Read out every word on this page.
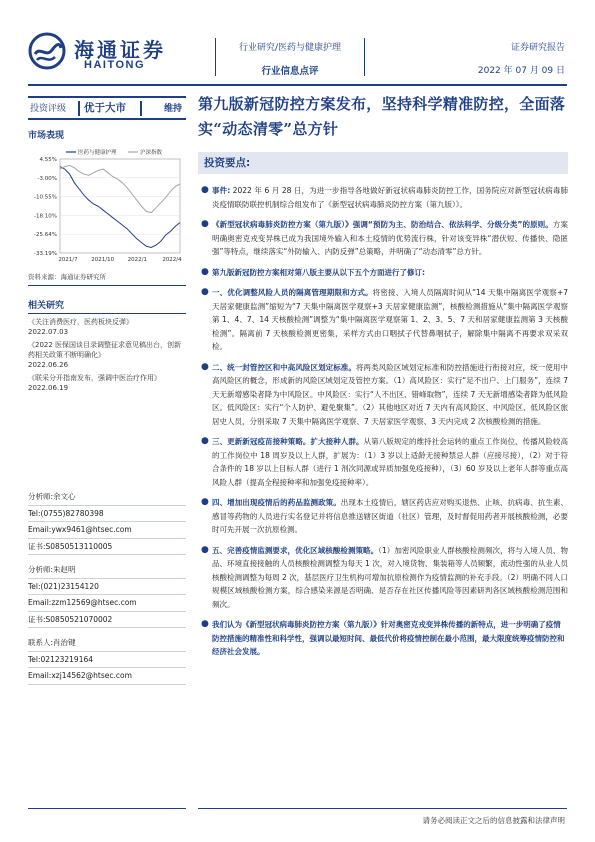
海通证券
HAITONG
行业研究/医药与健康护理
行业信息点评
证券研究报告
2022 年 07 月 09 日
投资评级 优于大市	维持
市场表现
4.55%
-3.00%
-10.55%
-18.10%
-25.64%
-33.19%
2021/7 2021/10 2022/1	2022/4
医药与健康护理	沪深指数
资料来源：海通证券研究所
相关研究
《关注消费医疗，医药板块反弹》
2022.07.03
《2022 医保国谈目录调整征求意见稿出台，创新药相关政策不断明确化》
2022.06.26
《联采分开指南发布，强调中医治疗作用》
2022.06.19
分析师:余文心
Tel:(0755)82780398
Email:ywx9461@htsec.com
证书:S0850513110005
分析师:朱赵明
Tel:(021)23154120
Email:zzm12569@htsec.com
证书:S0850521070002
联系人:肖治键
Tel:02123219164
Email:xzj14562@htsec.com
第九版新冠防控方案发布，坚持科学精准防控，全面落实“动态清零”总方针
投资要点:
● 事件: 2022 年 6 月 28 日，为进一步指导各地做好新冠状病毒肺炎防控工作，国务院应对新型冠状病毒肺炎疫情联防联控机制综合组发布了《新型冠状病毒肺炎防控方案（第九版）》。
● 《新型冠状病毒肺炎防控方案（第九版）》强调“预防为主、防治结合、依法科学、分级分类”的原则。方案明确奥密克戎变异株已成为我国境外输入和本土疫情的优势流行株，针对该变异株“潜伏短、传播快、隐匿强”等特点，继续落实“外防输入、内防反弹”总策略，并明确了“动态清零”总方针。
● 第九版新冠防控方案相对第八版主要从以下五个方面进行了修订:
● 一、优化调整风险人员的隔离管理期限和方式。将密接、入境人员隔离时间从“14 天集中隔离医学观察+7 天居家健康监测”缩短为“7 天集中隔离医学观察+3 天居家健康监测”，核酸检测措施从“集中隔离医学观察第 1、4、7、14 天核酸检测”调整为“集中隔离医学观察第 1、2、3、5、7 天和居家健康监测第 3 天核酸检测”。隔离前 7 天核酸检测更密集，采样方式由口咽拭子代替鼻咽拭子，解除集中隔离不再要求双采双检。
● 二、统一封管控区和中高风险区划定标准。将两类风险区域划定标准和防控措施进行衔接对应，统一使用中高风险区的概念，形成新的风险区域划定及管控方案。（1）高风险区：实行“足不出户、上门服务”，连续 7 天无新增感染者降为中风险区。中风险区：实行“人不出区、错峰取物”，连续 7 天无新增感染者降为低风险区。低风险区：实行“个人防护、避免聚集”。（2）其他地区对近 7 天内有高风险区、中风险区、低风险区旅居史人员，分别采取 7 天集中隔离医学观察、7 天居家医学观察、3 天内完成 2 次核酸检测的措施。
● 三、更新新冠疫苗接种策略。扩大接种人群。从第八版规定的维持社会运转的重点工作岗位、传播风险较高的工作岗位中 18 周岁及以上人群，扩展为：（1）3 岁以上适龄无接种禁忌人群（应接尽接），（2）对于符合条件的 18 岁以上目标人群（进行 1 剂次同源或异质加强免疫接种），（3）60 岁及以上老年人群等重点高风险人群（提高全程接种率和加强免疫接种率）。
● 四、增加出现疫情后的药品监测政策。出现本土疫情后，辖区药店应对购买退热、止咳、抗病毒、抗生素、感冒等药物的人员进行实名登记并将信息推送辖区街道（社区）管理，及时督促用药者开展核酸检测，必要时可先开展一次抗原检测。
● 五、完善疫情监测要求，优化区域核酸检测策略。（1）加密风险职业人群核酸检测频次，将与入境人员、物品、环境直接接触的人员核酸检测调整为每天 1 次，对入境货物、集装箱等人员频繁，流动性强的从业人员核酸检测调整为每周 2 次，基层医疗卫生机构可增加抗原检测作为疫情监测的补充手段。（2）明确不同人口规模区域核酸检测方案，综合感染来源是否明确、是否存在社区传播风险等因素研判各区域核酸检测范围和频次。
● 我们认为《新型冠状病毒肺炎防控方案（第九版）》针对奥密克戎变异株传播的新特点，进一步明确了疫情防控措施的精准性和科学性，强调以最短时间、最低代价将疫情控制在最小范围，最大限度统筹疫情防控和经济社会发展。
请务必阅读正文之后的信息披露和法律声明
